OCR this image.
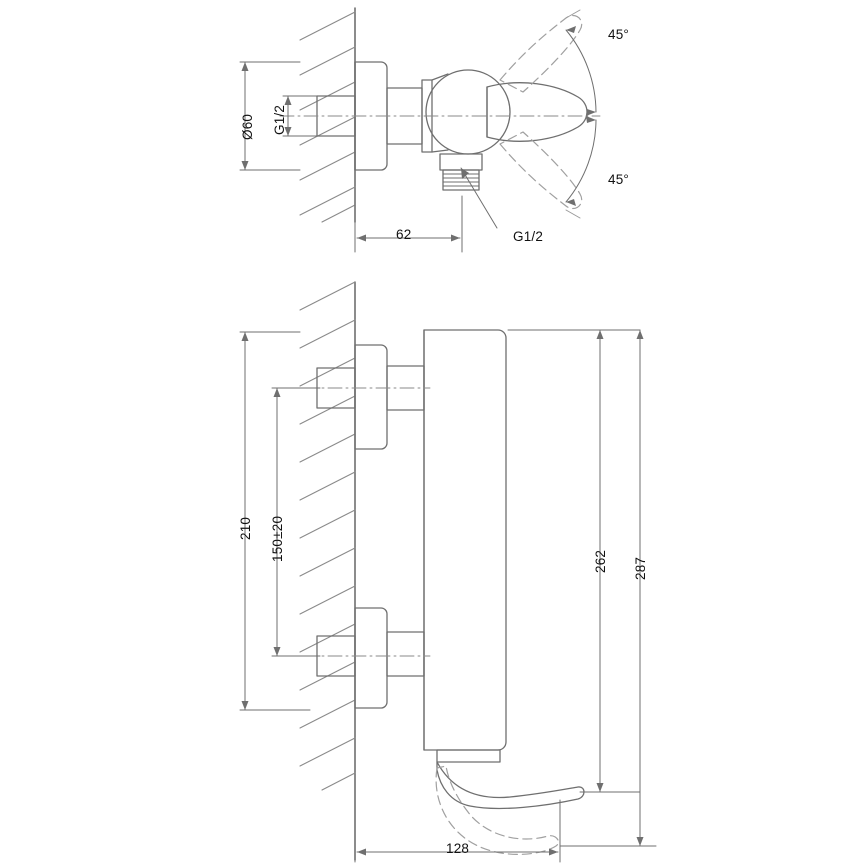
Ø60 G1/2
62	G1/2
45°
45°
210 150±20	262 287
128
